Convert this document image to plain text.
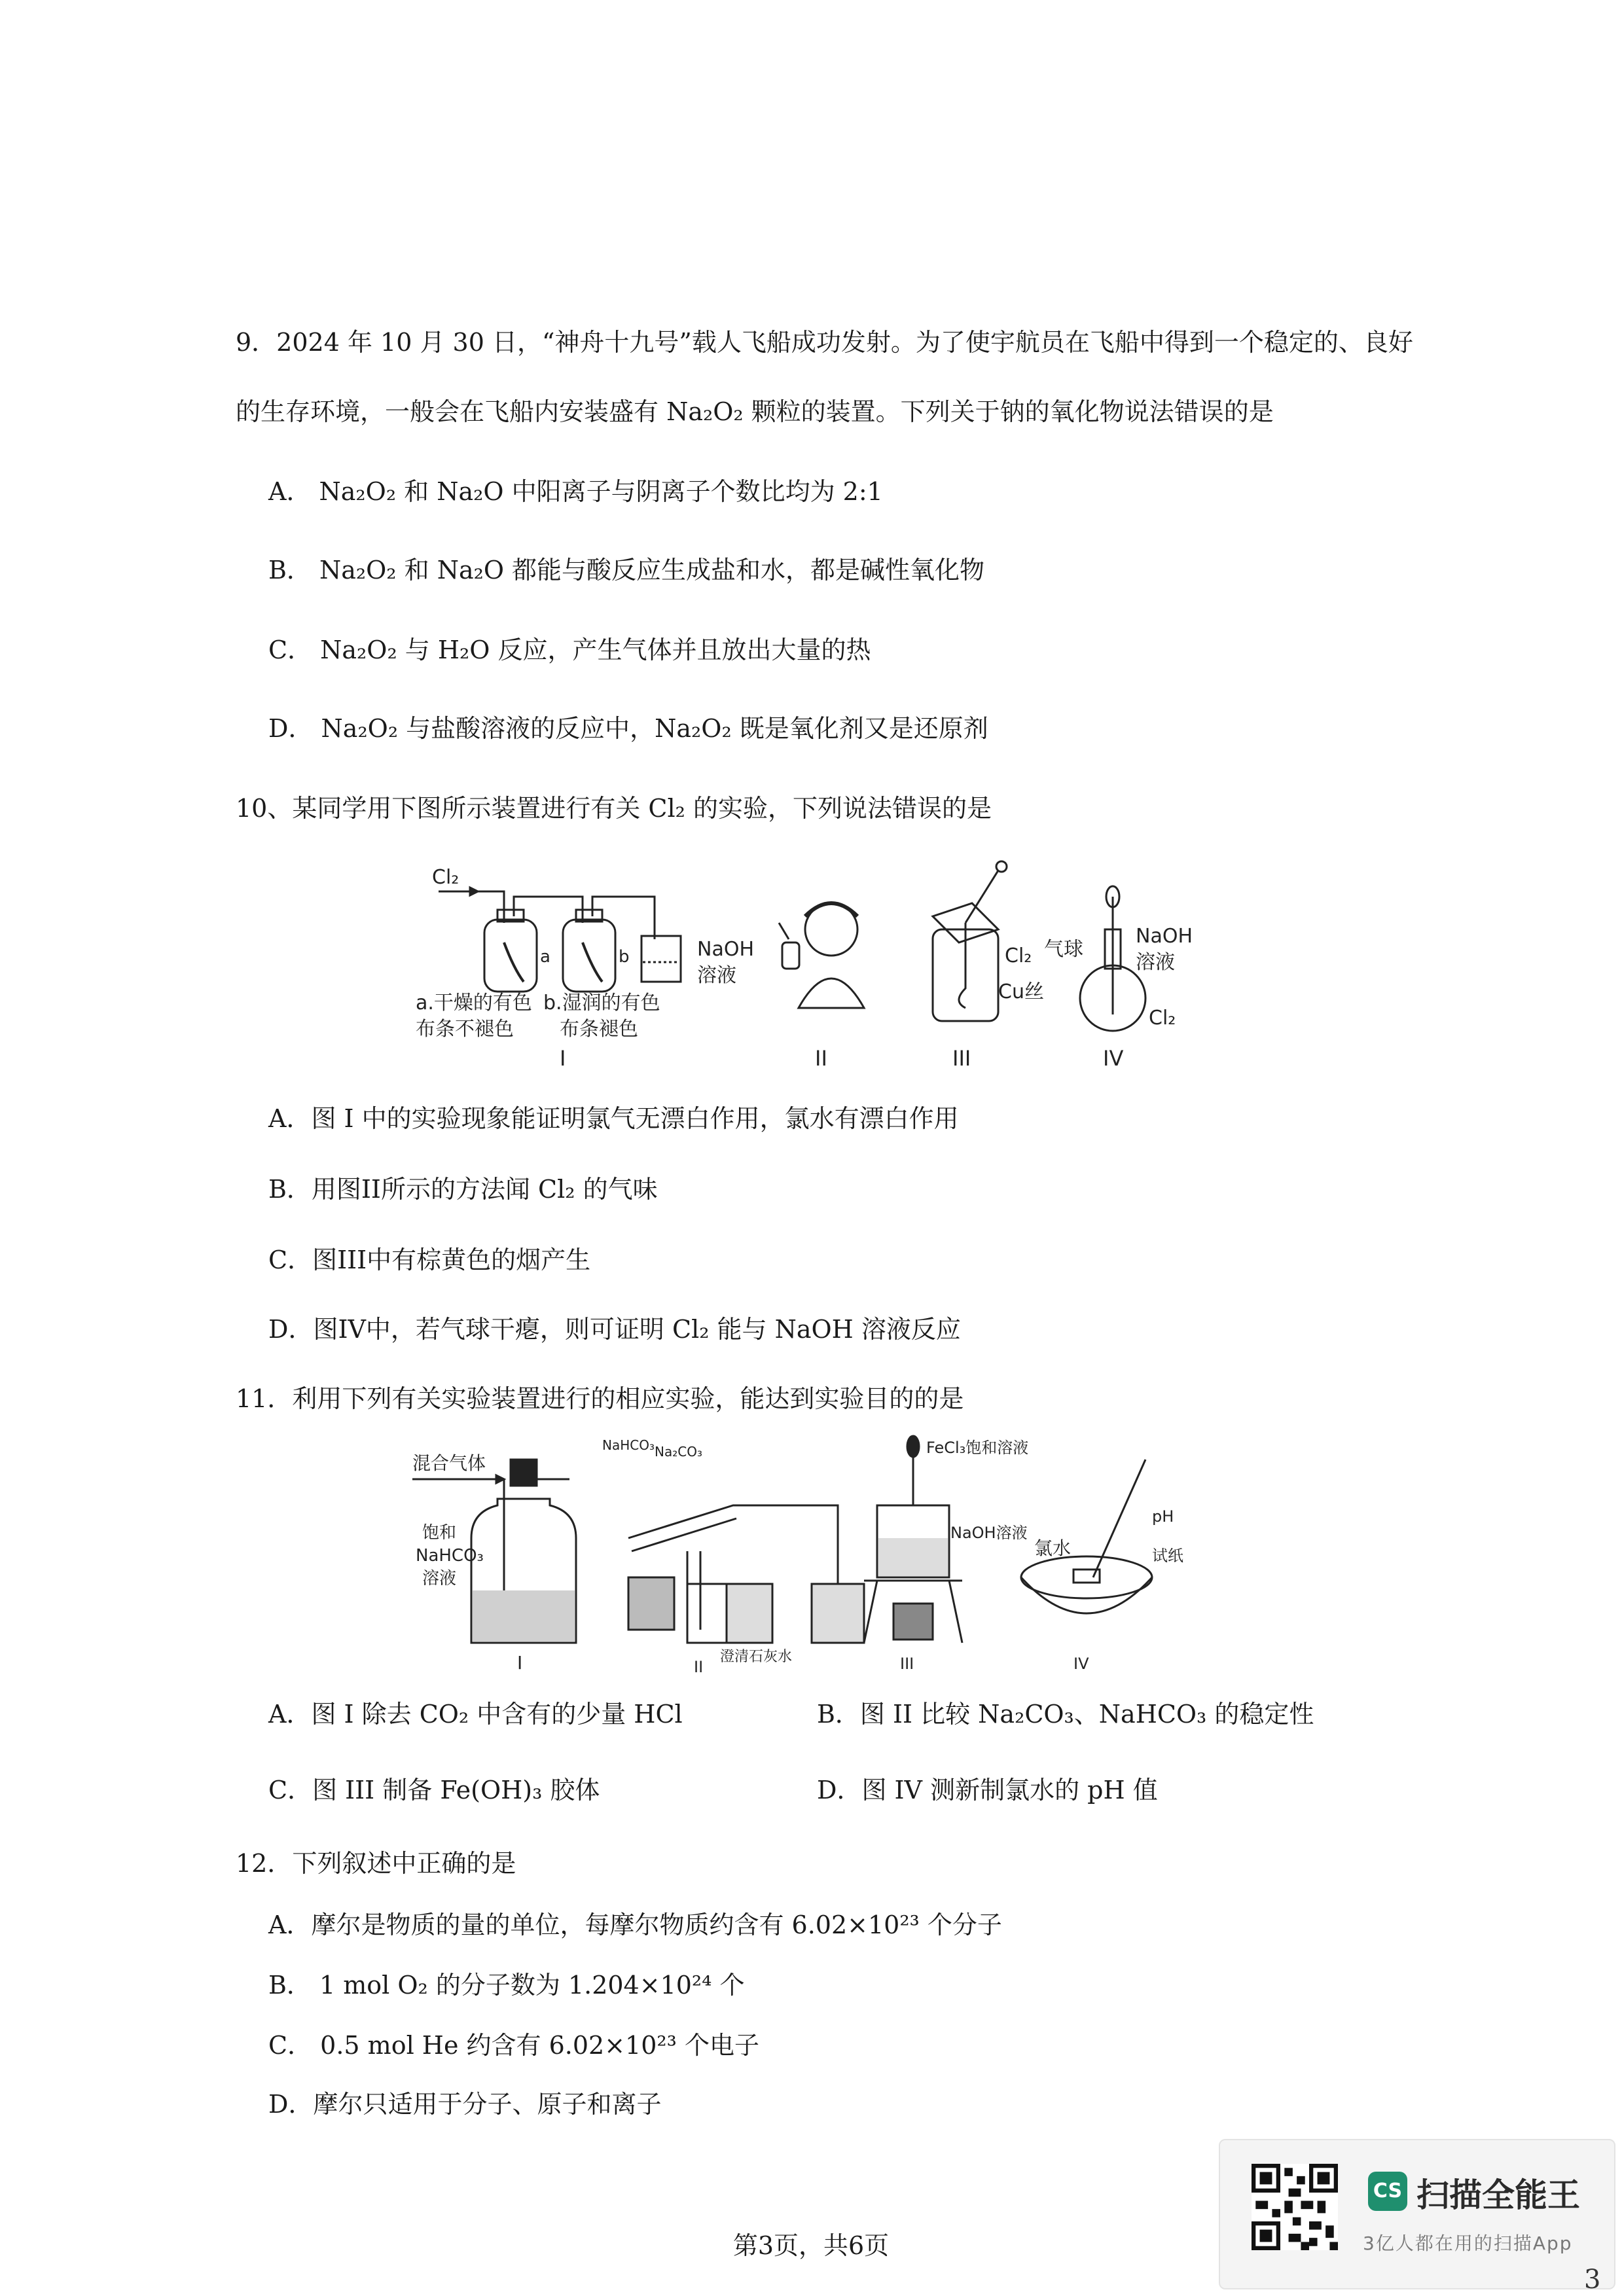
9．2024 年 10 月 30 日，“神舟十九号”载人飞船成功发射。为了使宇航员在飞船中得到一个稳定的、良好
的生存环境，一般会在飞船内安装盛有 Na₂O₂ 颗粒的装置。下列关于钠的氧化物说法错误的是
A． Na₂O₂ 和 Na₂O 中阳离子与阴离子个数比均为 2:1
B． Na₂O₂ 和 Na₂O 都能与酸反应生成盐和水，都是碱性氧化物
C． Na₂O₂ 与 H₂O 反应，产生气体并且放出大量的热
D． Na₂O₂ 与盐酸溶液的反应中，Na₂O₂ 既是氧化剂又是还原剂
10、某同学用下图所示装置进行有关 Cl₂ 的实验，下列说法错误的是
Cl₂
a	b	NaOH
溶液
a.干燥的有色
布条不褪色
b.湿润的有色
布条褪色
I	II
Cl₂
Cu丝
III
气球
NaOH
溶液
Cl₂
IV
A．图 I 中的实验现象能证明氯气无漂白作用，氯水有漂白作用
B．用图II所示的方法闻 Cl₂ 的气味
C．图III中有棕黄色的烟产生
D．图IV中，若气球干瘪，则可证明 Cl₂ 能与 NaOH 溶液反应
11．利用下列有关实验装置进行的相应实验，能达到实验目的的是
混合气体
饱和
NaHCO₃
溶液
I
NaHCO₃ Na₂CO₃
澄清石灰水
II
FeCl₃饱和溶液
NaOH溶液
III
氯水
pH
试纸
IV
A．图 I 除去 CO₂ 中含有的少量 HCl	B．图 II 比较 Na₂CO₃、NaHCO₃ 的稳定性
C．图 III 制备 Fe(OH)₃ 胶体	D．图 IV 测新制氯水的 pH 值
12．下列叙述中正确的是
A．摩尔是物质的量的单位，每摩尔物质约含有 6.02×10²³ 个分子
B． 1 mol O₂ 的分子数为 1.204×10²⁴ 个
C． 0.5 mol He 约含有 6.02×10²³ 个电子
D．摩尔只适用于分子、原子和离子
第3页，共6页
CS 扫描全能王
3亿人都在用的扫描App
3
